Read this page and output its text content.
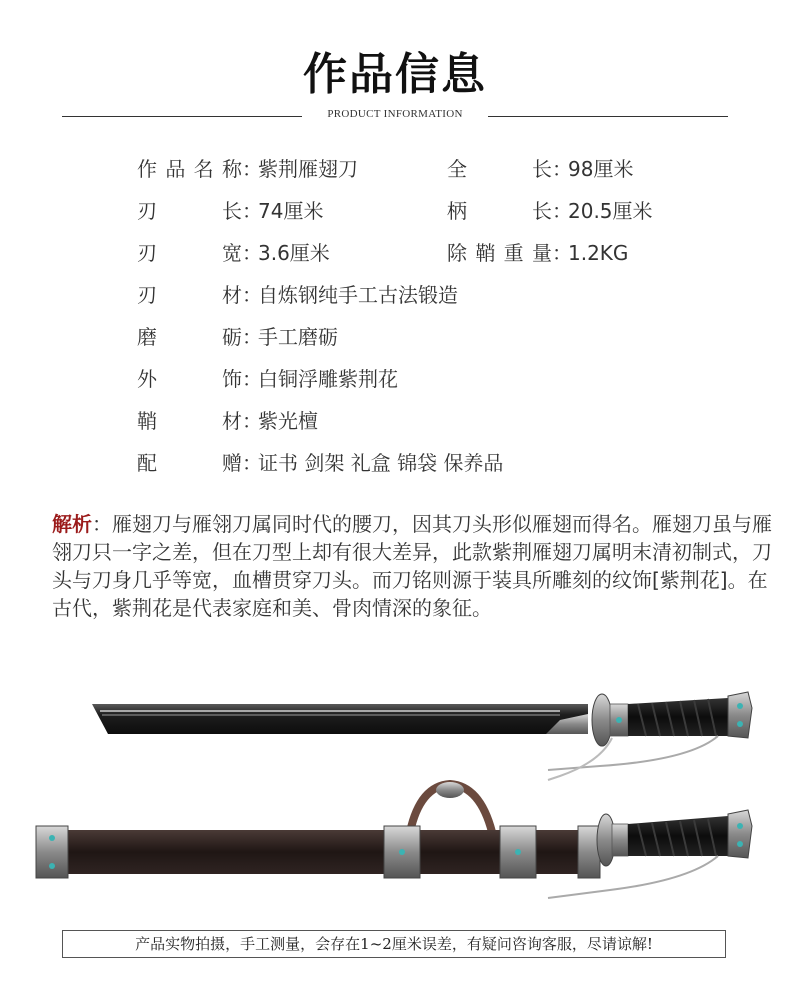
作品信息
PRODUCT INFORMATION
作品名称：紫荆雁翅刀	全长：98厘米
刃长：74厘米	柄长：20.5厘米
刃宽：3.6厘米	除鞘重量：1.2KG
刃材：自炼钢纯手工古法锻造
磨砺：手工磨砺
外饰：白铜浮雕紫荆花
鞘材：紫光檀
配赠：证书 剑架 礼盒 锦袋 保养品
解析：雁翅刀与雁翎刀属同时代的腰刀，因其刀头形似雁翅而得名。雁翅刀虽与雁翎刀只一字之差，但在刀型上却有很大差异，此款紫荆雁翅刀属明末清初制式，刀头与刀身几乎等宽，血槽贯穿刀头。而刀铭则源于装具所雕刻的纹饰[紫荆花]。在古代，紫荆花是代表家庭和美、骨肉情深的象征。
产品实物拍摄，手工测量，会存在1~2厘米误差，有疑问咨询客服，尽请谅解!
